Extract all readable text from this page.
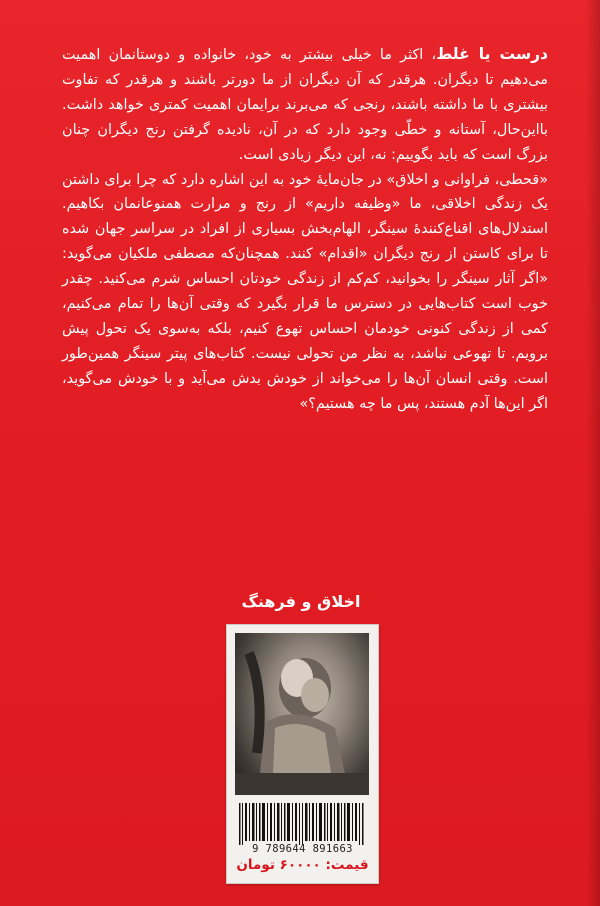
درست یا غلط، اکثر ما خیلی بیشتر به خود، خانواده و دوستانمان اهمیت می‌دهیم تا دیگران. هرقدر که آن دیگران از ما دورتر باشند و هرقدر که تفاوت بیشتری با ما داشته باشند، رنجی که می‌برند برایمان اهمیت کمتری خواهد داشت. بااین‌حال، آستانه و خطّی وجود دارد که در آن، نادیده گرفتن رنج دیگران چنان بزرگ است که باید بگوییم: نه، این دیگر زیادی است.

«قحطی، فراوانی و اخلاق» در جان‌مایهٔ خود به این اشاره دارد که چرا برای داشتن یک زندگی اخلاقی، ما «وظیفه داریم» از رنج و مرارت همنوعانمان بکاهیم. استدلال‌های اقناع‌کنندهٔ سینگر، الهام‌بخش بسیاری از افراد در سراسر جهان شده تا برای کاستن از رنج دیگران «اقدام» کنند. همچنان‌که مصطفی ملکیان می‌گوید: «اگر آثار سینگر را بخوانید، کم‌کم از زندگی خودتان احساس شرم می‌کنید. چقدر خوب است کتاب‌هایی در دسترس ما قرار بگیرد که وقتی آن‌ها را تمام می‌کنیم، کمی از زندگی کنونی خودمان احساس تهوع کنیم، بلکه به‌سوی یک تحول پیش برویم. تا تهوعی نباشد، به نظر من تحولی نیست. کتاب‌های پیتر سینگر همین‌طور است. وقتی انسان آن‌ها را می‌خواند از خودش بدش می‌آید و با خودش می‌گوید، اگر این‌ها آدم هستند، پس ما چه هستیم؟»

اخلاق و فرهنگ
9 789644 891663
قیمت: ۶۰۰۰۰ تومان
